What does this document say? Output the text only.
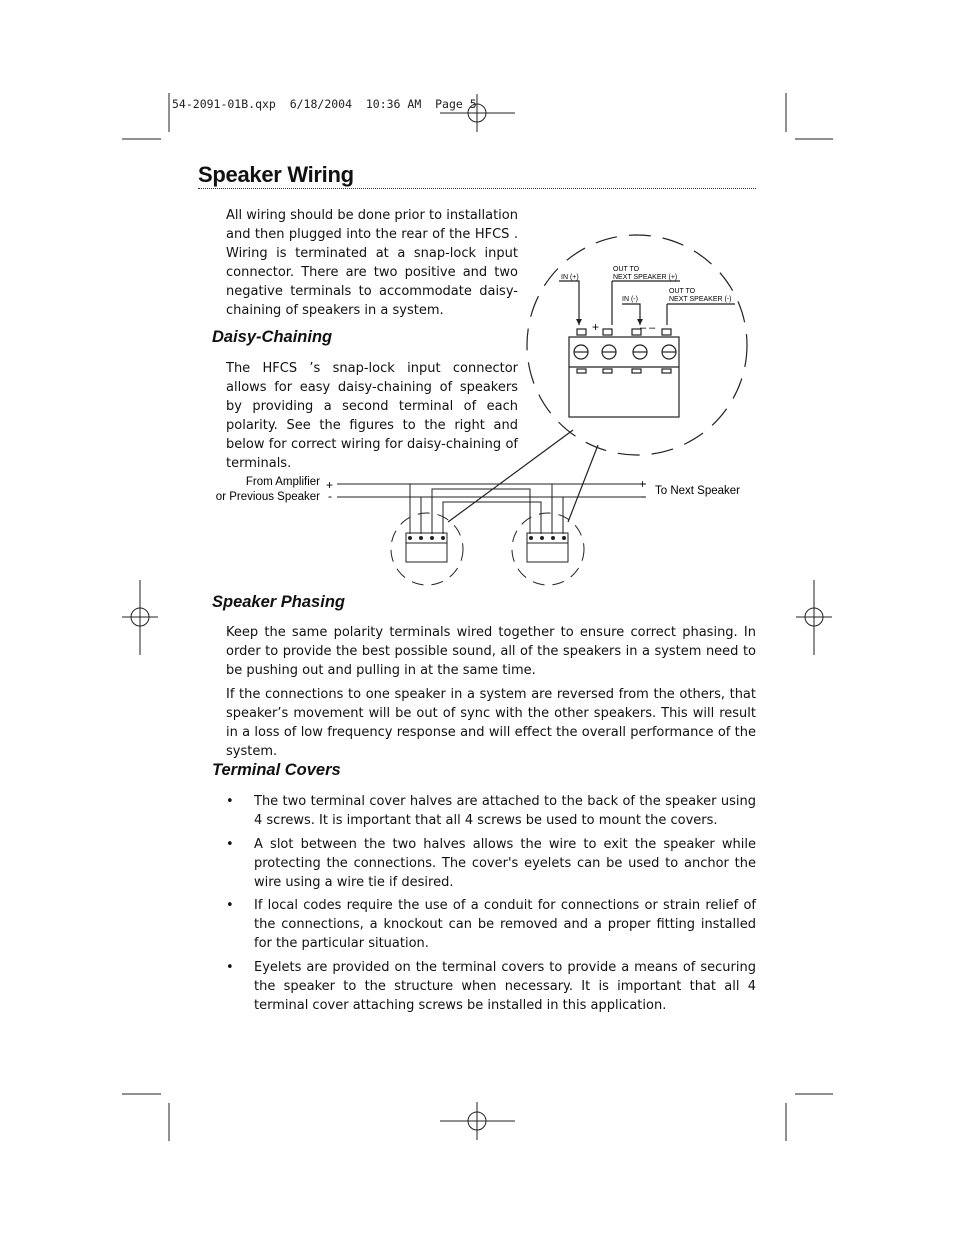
54-2091-01B.qxp  6/18/2004  10:36 AM  Page 5
Speaker Wiring
All wiring should be done prior to installation and then plugged into the rear of the HFCS . Wiring is terminated at a snap-lock input connector. There are two positive and two negative terminals to accommodate daisy-chaining of speakers in a system.
Daisy-Chaining
The HFCS ’s snap-lock input connector allows for easy daisy-chaining of speakers by providing a second terminal of each polarity. See the figures to the right and below for correct wiring for daisy-chaining of terminals.
IN (+)
OUT TO
NEXT SPEAKER (+)
IN (-)
OUT TO
NEXT SPEAKER (-)
+	– –
From Amplifier
or Previous Speaker
+
-
+
- To Next Speaker
Speaker Phasing
Keep the same polarity terminals wired together to ensure correct phasing. In order to provide the best possible sound, all of the speakers in a system need to be pushing out and pulling in at the same time.
If the connections to one speaker in a system are reversed from the others, that speaker’s movement will be out of sync with the other speakers. This will result in a loss of low frequency response and will effect the overall performance of the system.
Terminal Covers
• The two terminal cover halves are attached to the back of the speaker using 4 screws. It is important that all 4 screws be used to mount the covers.
• A slot between the two halves allows the wire to exit the speaker while protecting the connections. The cover's eyelets can be used to anchor the wire using a wire tie if desired.
• If local codes require the use of a conduit for connections or strain relief of the connections, a knockout can be removed and a proper fitting installed for the particular situation.
• Eyelets are provided on the terminal covers to provide a means of securing the speaker to the structure when necessary. It is important that all 4 terminal cover attaching screws be installed in this application.
